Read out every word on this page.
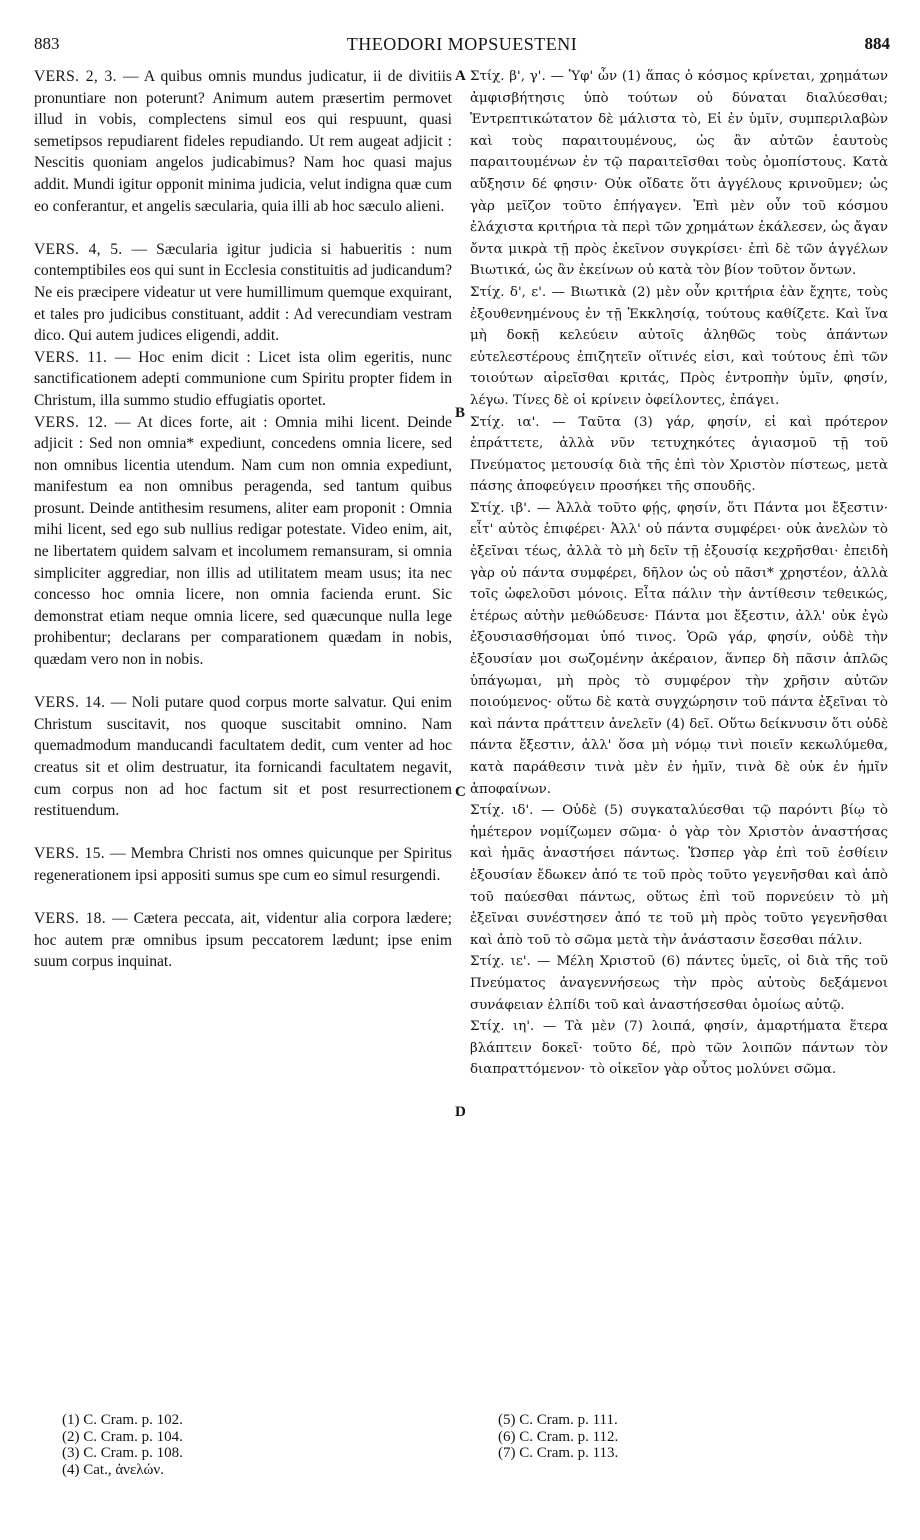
883	THEODORI MOPSUESTENI	884

VERS. 2, 3. — A quibus omnis mundus judicatur, ii de divitiis pronuntiare non poterunt? Animum autem præsertim permovet illud in vobis, complectens simul eos qui respuunt, quasi semetipsos repudiarent fideles repudiando. Ut rem augeat adjicit : Nescitis quoniam angelos judicabimus? Nam hoc quasi majus addit. Mundi igitur opponit minima judicia, velut indigna quæ cum eo conferantur, et angelis sæcularia, quia illi ab hoc sæculo alieni.

VERS. 4, 5. — Sæcularia igitur judicia si habueritis : num contemptibiles eos qui sunt in Ecclesia constituitis ad judicandum? Ne eis præcipere videatur ut vere humillimum quemque exquirant, et tales pro judicibus constituant, addit : Ad verecundiam vestram dico. Qui autem judices eligendi, addit.

VERS. 11. — Hoc enim dicit : Licet ista olim egeritis, nunc sanctificationem adepti communione cum Spiritu propter fidem in Christum, illa summo studio effugiatis oportet.

VERS. 12. — At dices forte, ait : Omnia mihi licent. Deinde adjicit : Sed non omnia* expediunt, concedens omnia licere, sed non omnibus licentia utendum. Nam cum non omnia expediunt, manifestum ea non omnibus peragenda, sed tantum quibus prosunt. Deinde antithesim resumens, aliter eam proponit : Omnia mihi licent, sed ego sub nullius redigar potestate. Video enim, ait, ne libertatem quidem salvam et incolumem remansuram, si omnia simpliciter aggrediar, non illis ad utilitatem meam usus; ita nec concesso hoc omnia licere, non omnia facienda erunt. Sic demonstrat etiam neque omnia licere, sed quæcunque nulla lege prohibentur; declarans per comparationem quædam in nobis, quædam vero non in nobis.

VERS. 14. — Noli putare quod corpus morte salvatur. Qui enim Christum suscitavit, nos quoque suscitabit omnino. Nam quemadmodum manducandi facultatem dedit, cum venter ad hoc creatus sit et olim destruatur, ita fornicandi facultatem negavit, cum corpus non ad hoc factum sit et post resurrectionem restituendum.

VERS. 15. — Membra Christi nos omnes quicunque per Spiritus regenerationem ipsi appositi sumus spe cum eo simul resurgendi.

VERS. 18. — Cætera peccata, ait, videntur alia corpora lædere; hoc autem præ omnibus ipsum peccatorem lædunt; ipse enim suum corpus inquinat.

Στίχ. β', γ'. — Ὑφ' ὧν (1) ἅπας ὁ κόσμος κρίνεται, χρημάτων ἀμφισβήτησις ὑπὸ τούτων οὐ δύναται διαλύεσθαι; Ἐντρεπτικώτατον δὲ μάλιστα τὸ, Εἰ ἐν ὑμῖν, συμπεριλαβὼν καὶ τοὺς παραιτουμένους, ὡς ἂν αὐτῶν ἑαυτοὺς παραιτουμένων ἐν τῷ παραιτεῖσθαι τοὺς ὁμοπίστους. Κατὰ αὔξησιν δέ φησιν· Οὐκ οἴδατε ὅτι ἀγγέλους κρινοῦμεν; ὡς γὰρ μεῖζον τοῦτο ἐπήγαγεν. Ἐπὶ μὲν οὖν τοῦ κόσμου ἐλάχιστα κριτήρια τὰ περὶ τῶν χρημάτων ἐκάλεσεν, ὡς ἄγαν ὄντα μικρὰ τῇ πρὸς ἐκεῖνον συγκρίσει· ἐπὶ δὲ τῶν ἀγγέλων Βιωτικά, ὡς ἂν ἐκείνων οὐ κατὰ τὸν βίον τοῦτον ὄντων.

Στίχ. δ', ε'. — Βιωτικὰ (2) μὲν οὖν κριτήρια ἐὰν ἔχητε, τοὺς ἐξουθενημένους ἐν τῇ Ἐκκλησίᾳ, τούτους καθίζετε. Καὶ ἵνα μὴ δοκῇ κελεύειν αὐτοῖς ἀληθῶς τοὺς ἁπάντων εὐτελεστέρους ἐπιζητεῖν οἵτινές εἰσι, καὶ τούτους ἐπὶ τῶν τοιούτων αἱρεῖσθαι κριτάς, Πρὸς ἐντροπὴν ὑμῖν, φησίν, λέγω. Τίνες δὲ οἱ κρίνειν ὀφείλοντες, ἐπάγει.

Στίχ. ια'. — Ταῦτα (3) γάρ, φησίν, εἰ καὶ πρότερον ἐπράττετε, ἀλλὰ νῦν τετυχηκότες ἁγιασμοῦ τῇ τοῦ Πνεύματος μετουσίᾳ διὰ τῆς ἐπὶ τὸν Χριστὸν πίστεως, μετὰ πάσης ἀποφεύγειν προσήκει τῆς σπουδῆς.

Στίχ. ιβ'. — Ἀλλὰ τοῦτο φῄς, φησίν, ὅτι Πάντα μοι ἔξεστιν· εἶτ' αὐτὸς ἐπιφέρει· Ἀλλ' οὐ πάντα συμφέρει· οὐκ ἀνελὼν τὸ ἐξεῖναι τέως, ἀλλὰ τὸ μὴ δεῖν τῇ ἐξουσίᾳ κεχρῆσθαι· ἐπειδὴ γὰρ οὐ πάντα συμφέρει, δῆλον ὡς οὐ πᾶσι* χρηστέον, ἀλλὰ τοῖς ὠφελοῦσι μόνοις. Εἶτα πάλιν τὴν ἀντίθεσιν τεθεικώς, ἑτέρως αὐτὴν μεθώδευσε· Πάντα μοι ἔξεστιν, ἀλλ' οὐκ ἐγὼ ἐξουσιασθήσομαι ὑπό τινος. Ὁρῶ γάρ, φησίν, οὐδὲ τὴν ἐξουσίαν μοι σωζομένην ἀκέραιον, ἅνπερ δὴ πᾶσιν ἁπλῶς ὑπάγωμαι, μὴ πρὸς τὸ συμφέρον τὴν χρῆσιν αὐτῶν ποιούμενος· οὕτω δὲ κατὰ συγχώρησιν τοῦ πάντα ἐξεῖναι τὸ καὶ πάντα πράττειν ἀνελεῖν (4) δεῖ. Οὕτω δείκνυσιν ὅτι οὐδὲ πάντα ἔξεστιν, ἀλλ' ὅσα μὴ νόμῳ τινὶ ποιεῖν κεκωλύμεθα, κατὰ παράθεσιν τινὰ μὲν ἐν ἡμῖν, τινὰ δὲ οὐκ ἐν ἡμῖν ἀποφαίνων.

Στίχ. ιδ'. — Οὐδὲ (5) συγκαταλύεσθαι τῷ παρόντι βίῳ τὸ ἡμέτερον νομίζωμεν σῶμα· ὁ γὰρ τὸν Χριστὸν ἀναστήσας καὶ ἡμᾶς ἀναστήσει πάντως. Ὥσπερ γὰρ ἐπὶ τοῦ ἐσθίειν ἐξουσίαν ἔδωκεν ἀπό τε τοῦ πρὸς τοῦτο γεγενῆσθαι καὶ ἀπὸ τοῦ παύεσθαι πάντως, οὕτως ἐπὶ τοῦ πορνεύειν τὸ μὴ ἐξεῖναι συνέστησεν ἀπό τε τοῦ μὴ πρὸς τοῦτο γεγενῆσθαι καὶ ἀπὸ τοῦ τὸ σῶμα μετὰ τὴν ἀνάστασιν ἔσεσθαι πάλιν.

Στίχ. ιε'. — Μέλη Χριστοῦ (6) πάντες ὑμεῖς, οἱ διὰ τῆς τοῦ Πνεύματος ἀναγεννήσεως τὴν πρὸς αὐτοὺς δεξάμενοι συνάφειαν ἐλπίδι τοῦ καὶ ἀναστήσεσθαι ὁμοίως αὐτῷ.

Στίχ. ιη'. — Τὰ μὲν (7) λοιπά, φησίν, ἁμαρτήματα ἕτερα βλάπτειν δοκεῖ· τοῦτο δέ, πρὸ τῶν λοιπῶν πάντων τὸν διαπραττόμενον· τὸ οἰκεῖον γὰρ οὗτος μολύνει σῶμα.

A
B
C
D
(1) C. Cram. p. 102.
(2) C. Cram. p. 104.
(3) C. Cram. p. 108.
(4) Cat., ἀνελών.
(5) C. Cram. p. 111.
(6) C. Cram. p. 112.
(7) C. Cram. p. 113.
